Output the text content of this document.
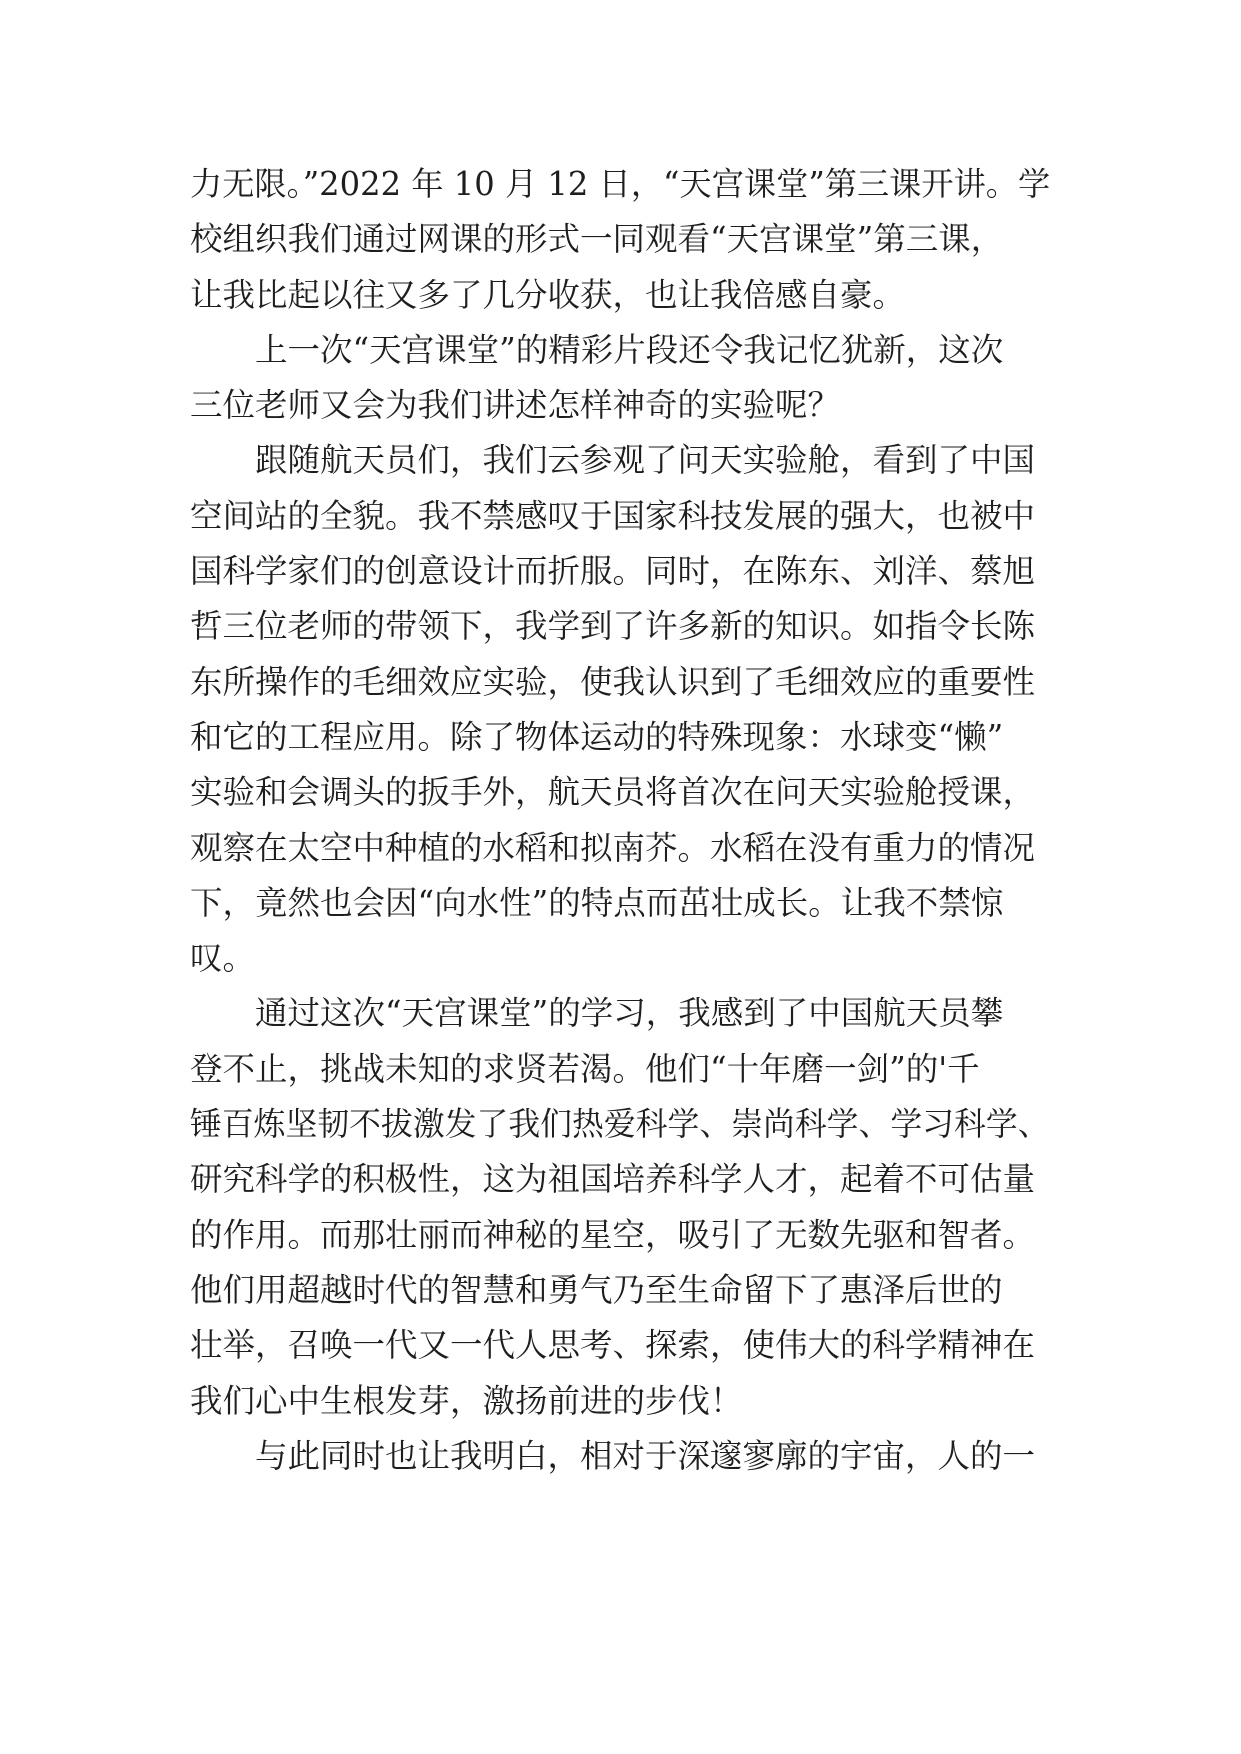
力无限。”2022 年 10 月 12 日，“天宫课堂”第三课开讲。学
校组织我们通过网课的形式一同观看“天宫课堂”第三课，
让我比起以往又多了几分收获，也让我倍感自豪。
上一次“天宫课堂”的精彩片段还令我记忆犹新，这次
三位老师又会为我们讲述怎样神奇的实验呢？
跟随航天员们，我们云参观了问天实验舱，看到了中国
空间站的全貌。我不禁感叹于国家科技发展的强大，也被中
国科学家们的创意设计而折服。同时，在陈东、刘洋、蔡旭
哲三位老师的带领下，我学到了许多新的知识。如指令长陈
东所操作的毛细效应实验，使我认识到了毛细效应的重要性
和它的工程应用。除了物体运动的特殊现象：水球变“懒”
实验和会调头的扳手外，航天员将首次在问天实验舱授课，
观察在太空中种植的水稻和拟南芥。水稻在没有重力的情况
下，竟然也会因“向水性”的特点而茁壮成长。让我不禁惊
叹。
通过这次“天宫课堂”的学习，我感到了中国航天员攀
登不止，挑战未知的求贤若渴。他们“十年磨一剑”的'千
锤百炼坚韧不拔激发了我们热爱科学、崇尚科学、学习科学、
研究科学的积极性，这为祖国培养科学人才，起着不可估量
的作用。而那壮丽而神秘的星空，吸引了无数先驱和智者。
他们用超越时代的智慧和勇气乃至生命留下了惠泽后世的
壮举，召唤一代又一代人思考、探索，使伟大的科学精神在
我们心中生根发芽，激扬前进的步伐！
与此同时也让我明白，相对于深邃寥廓的宇宙，人的一
